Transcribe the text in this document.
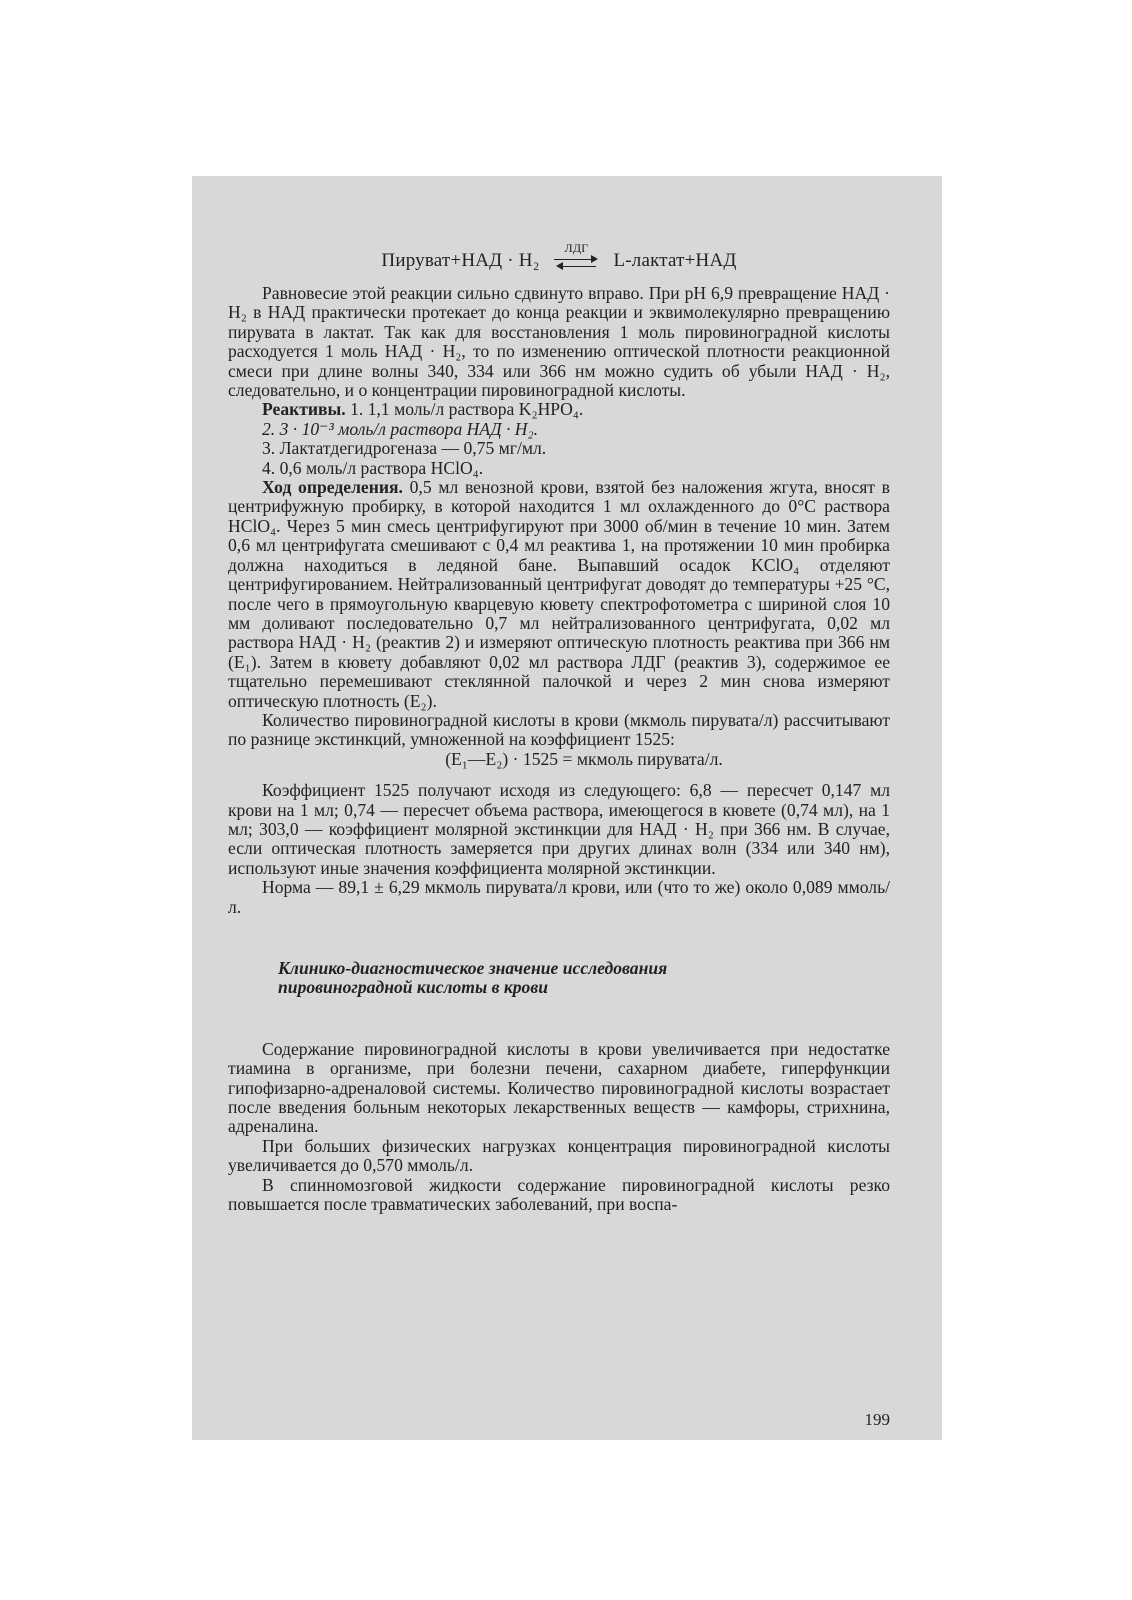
Пируват+НАД · H₂
ЛДГ
L-лактат+НАД

Равновесие этой реакции сильно сдвинуто вправо. При pH 6,9 превращение НАД · H₂ в НАД практически протекает до конца реакции и эквимолекулярно превращению пирувата в лактат. Так как для восстановления 1 моль пировиноградной кислоты расходуется 1 моль НАД · H₂, то по изменению оптической плотности реакционной смеси при длине волны 340, 334 или 366 нм можно судить об убыли НАД · H₂, следовательно, и о концентрации пировиноградной кислоты.

Реактивы. 1. 1,1 моль/л раствора K₂HPO₄.

2. 3 · 10⁻³ моль/л раствора НАД · H₂.

3. Лактатдегидрогеназа — 0,75 мг/мл.

4. 0,6 моль/л раствора HClO₄.

Ход определения. 0,5 мл венозной крови, взятой без наложения жгута, вносят в центрифужную пробирку, в которой находится 1 мл охлажденного до 0°C раствора HClO₄. Через 5 мин смесь центрифугируют при 3000 об/мин в течение 10 мин. Затем 0,6 мл центрифугата смешивают с 0,4 мл реактива 1, на протяжении 10 мин пробирка должна находиться в ледяной бане. Выпавший осадок KClO₄ отделяют центрифугированием. Нейтрализованный центрифугат доводят до температуры +25 °C, после чего в прямоугольную кварцевую кювету спектрофотометра с шириной слоя 10 мм доливают последовательно 0,7 мл нейтрализованного центрифугата, 0,02 мл раствора НАД · H₂ (реактив 2) и измеряют оптическую плотность реактива при 366 нм (E₁). Затем в кювету добавляют 0,02 мл раствора ЛДГ (реактив 3), содержимое ее тщательно перемешивают стеклянной палочкой и через 2 мин снова измеряют оптическую плотность (E₂).

Количество пировиноградной кислоты в крови (мкмоль пирувата/л) рассчитывают по разнице экстинкций, умноженной на коэффициент 1525:

(E₁—E₂) · 1525 = мкмоль пирувата/л.

Коэффициент 1525 получают исходя из следующего: 6,8 — пересчет 0,147 мл крови на 1 мл; 0,74 — пересчет объема раствора, имеющегося в кювете (0,74 мл), на 1 мл; 303,0 — коэффициент молярной экстинкции для НАД · H₂ при 366 нм. В случае, если оптическая плотность замеряется при других длинах волн (334 или 340 нм), используют иные значения коэффициента молярной экстинкции.

Норма — 89,1 ± 6,29 мкмоль пирувата/л крови, или (что то же) около 0,089 ммоль/л.

Клинико-диагностическое значение исследования
пировиноградной кислоты в крови

Содержание пировиноградной кислоты в крови увеличивается при недостатке тиамина в организме, при болезни печени, сахарном диабете, гиперфункции гипофизарно-адреналовой системы. Количество пировиноградной кислоты возрастает после введения больным некоторых лекарственных веществ — камфоры, стрихнина, адреналина.

При больших физических нагрузках концентрация пировиноградной кислоты увеличивается до 0,570 ммоль/л.

В спинномозговой жидкости содержание пировиноградной кислоты резко повышается после травматических заболеваний, при воспа-

199
